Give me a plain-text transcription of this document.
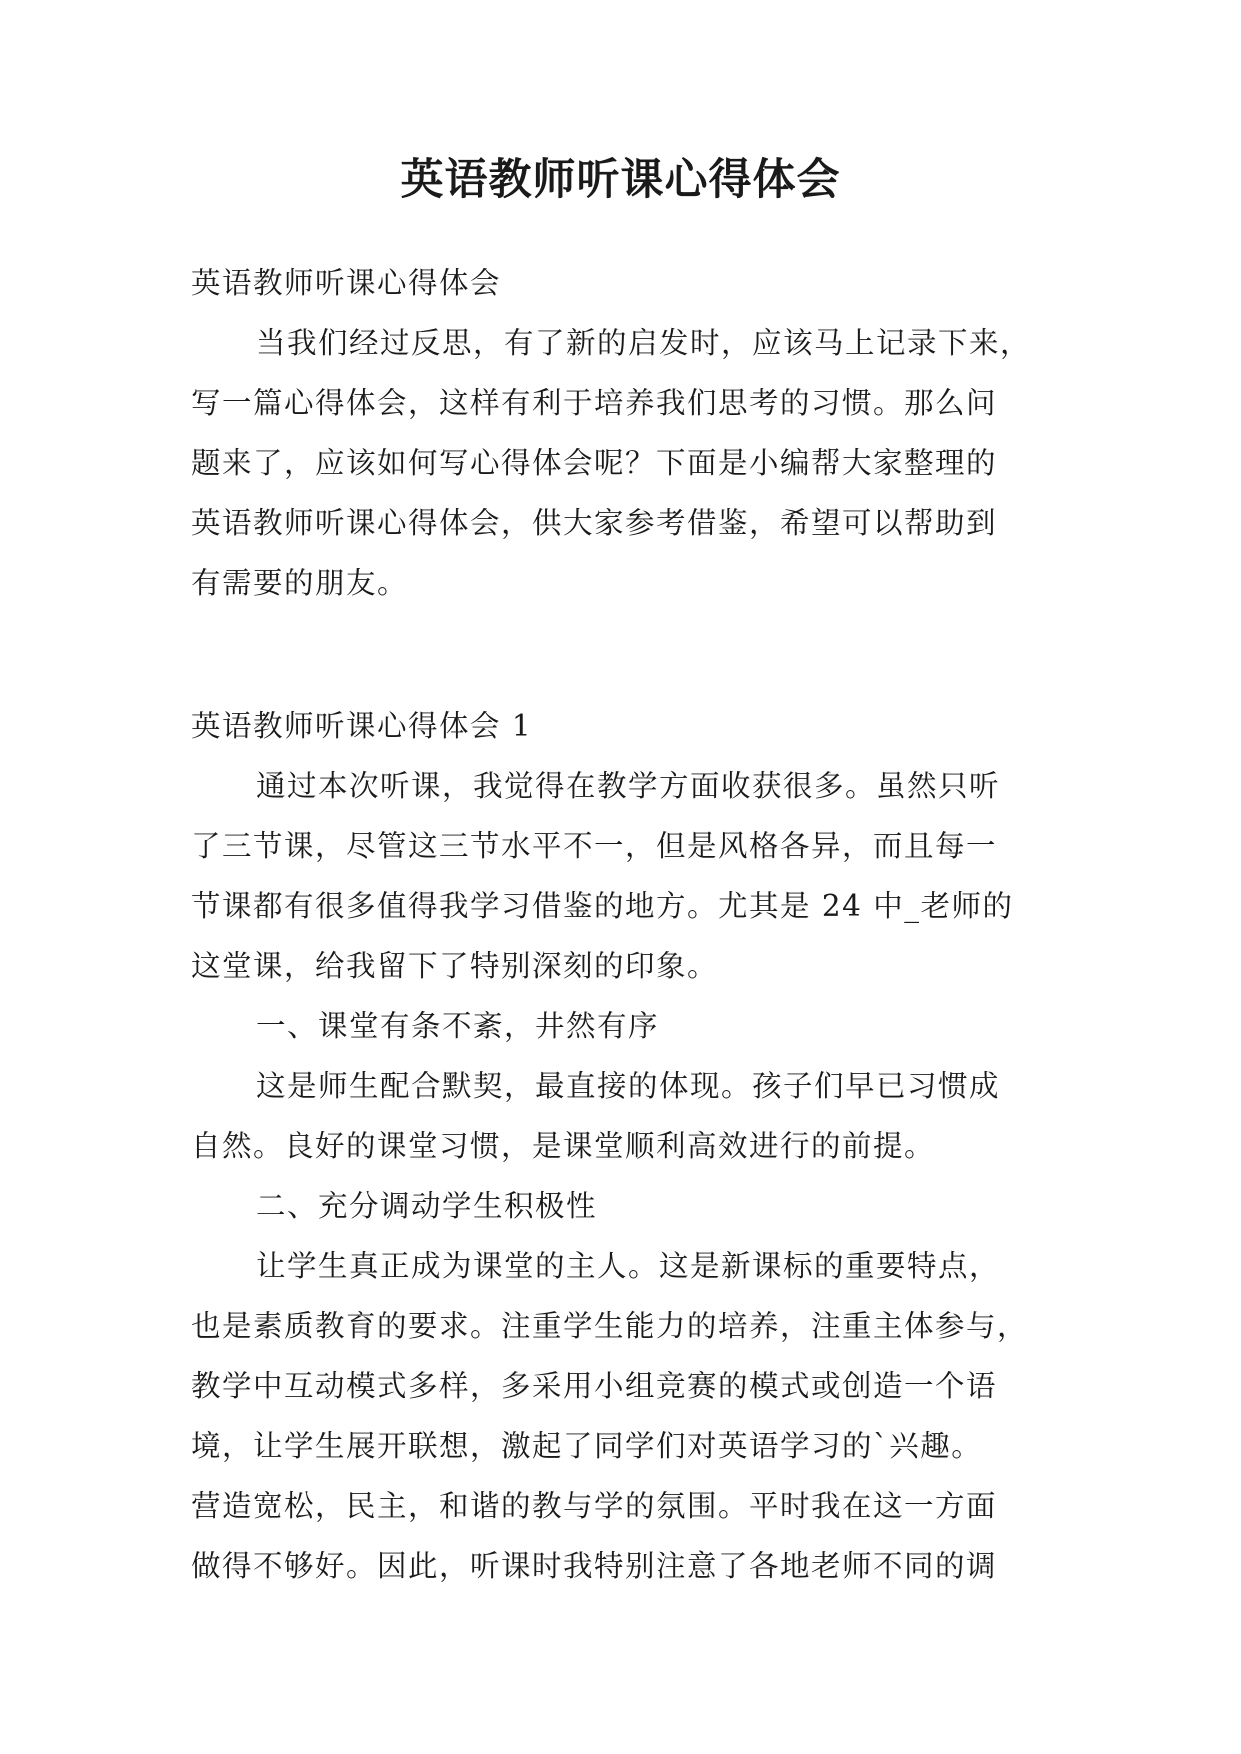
英语教师听课心得体会
英语教师听课心得体会
当我们经过反思，有了新的启发时，应该马上记录下来，
写一篇心得体会，这样有利于培养我们思考的习惯。那么问
题来了，应该如何写心得体会呢？下面是小编帮大家整理的
英语教师听课心得体会，供大家参考借鉴，希望可以帮助到
有需要的朋友。
英语教师听课心得体会 1
通过本次听课，我觉得在教学方面收获很多。虽然只听
了三节课，尽管这三节水平不一，但是风格各异，而且每一
节课都有很多值得我学习借鉴的地方。尤其是 24 中_老师的
这堂课，给我留下了特别深刻的印象。
一、课堂有条不紊，井然有序
这是师生配合默契，最直接的体现。孩子们早已习惯成
自然。良好的课堂习惯，是课堂顺利高效进行的前提。
二、充分调动学生积极性
让学生真正成为课堂的主人。这是新课标的重要特点，
也是素质教育的要求。注重学生能力的培养，注重主体参与，
教学中互动模式多样，多采用小组竞赛的模式或创造一个语
境，让学生展开联想，激起了同学们对英语学习的`兴趣。
营造宽松，民主，和谐的教与学的氛围。平时我在这一方面
做得不够好。因此，听课时我特别注意了各地老师不同的调
